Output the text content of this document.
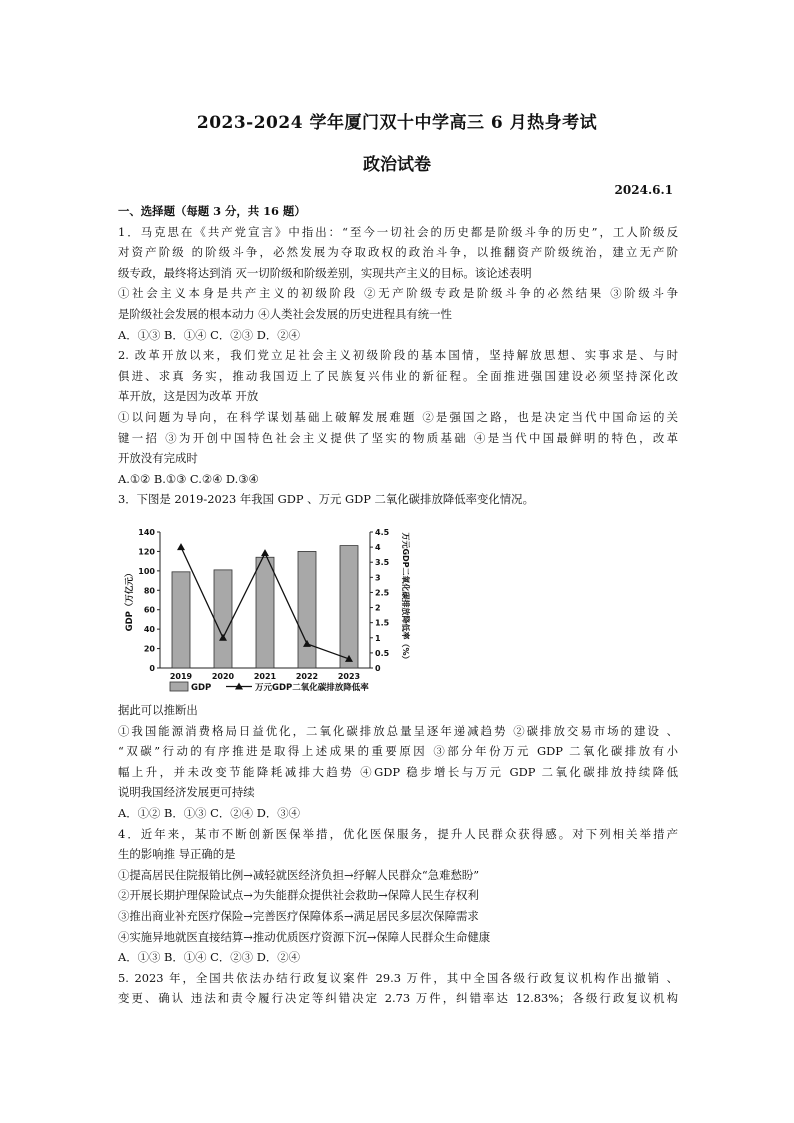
2023-2024 学年厦门双十中学高三 6 月热身考试
政治试卷
2024.6.1
一、选择题（每题 3 分，共 16 题）
1．马克思在《共产党宣言》中指出：“至今一切社会的历史都是阶级斗争的历史”，工人阶级反
对资产阶级 的阶级斗争，必然发展为夺取政权的政治斗争，以推翻资产阶级统治，建立无产阶
级专政，最终将达到消 灭一切阶级和阶级差别，实现共产主义的目标。该论述表明
①社会主义本身是共产主义的初级阶段 ②无产阶级专政是阶级斗争的必然结果 ③阶级斗争
是阶级社会发展的根本动力 ④人类社会发展的历史进程具有统一性
A．①③ B．①④ C．②③ D．②④
2. 改革开放以来，我们党立足社会主义初级阶段的基本国情，坚持解放思想、实事求是、与时
俱进、求真 务实，推动我国迈上了民族复兴伟业的新征程。全面推进强国建设必须坚持深化改
革开放，这是因为改革 开放
①以问题为导向，在科学谋划基础上破解发展难题 ②是强国之路，也是决定当代中国命运的关
键一招 ③为开创中国特色社会主义提供了坚实的物质基础 ④是当代中国最鲜明的特色，改革
开放没有完成时
A.①② B.①③ C.②④ D.③④
3．下图是 2019-2023 年我国 GDP 、万元 GDP 二氧化碳排放降低率变化情况。
0
20
40
60
80
100
120
140
0
0.5
1
1.5
2
2.5
3
3.5
4
4.5
2019 2020 2021 2022 2023
GDP（万亿元）	万元GDP二氧化碳排放降低率（%）
GDP	万元GDP二氧化碳排放降低率
据此可以推断出
①我国能源消费格局日益优化，二氧化碳排放总量呈逐年递减趋势 ②碳排放交易市场的建设 、
“双碳”行动的有序推进是取得上述成果的重要原因 ③部分年份万元 GDP 二氧化碳排放有小
幅上升，并未改变节能降耗减排大趋势 ④GDP 稳步增长与万元 GDP 二氧化碳排放持续降低
说明我国经济发展更可持续
A．①② B．①③ C．②④ D．③④
4．近年来，某市不断创新医保举措，优化医保服务，提升人民群众获得感。对下列相关举措产
生的影响推 导正确的是
①提高居民住院报销比例→减轻就医经济负担→纾解人民群众“急难愁盼”
②开展长期护理保险试点→为失能群众提供社会救助→保障人民生存权利
③推出商业补充医疗保险→完善医疗保障体系→满足居民多层次保障需求
④实施异地就医直接结算→推动优质医疗资源下沉→保障人民群众生命健康
A．①③ B．①④ C．②③ D．②④
5. 2023 年，全国共依法办结行政复议案件 29.3 万件，其中全国各级行政复议机构作出撤销 、
变更、确认 违法和责令履行决定等纠错决定 2.73 万件，纠错率达 12.83%；各级行政复议机构
